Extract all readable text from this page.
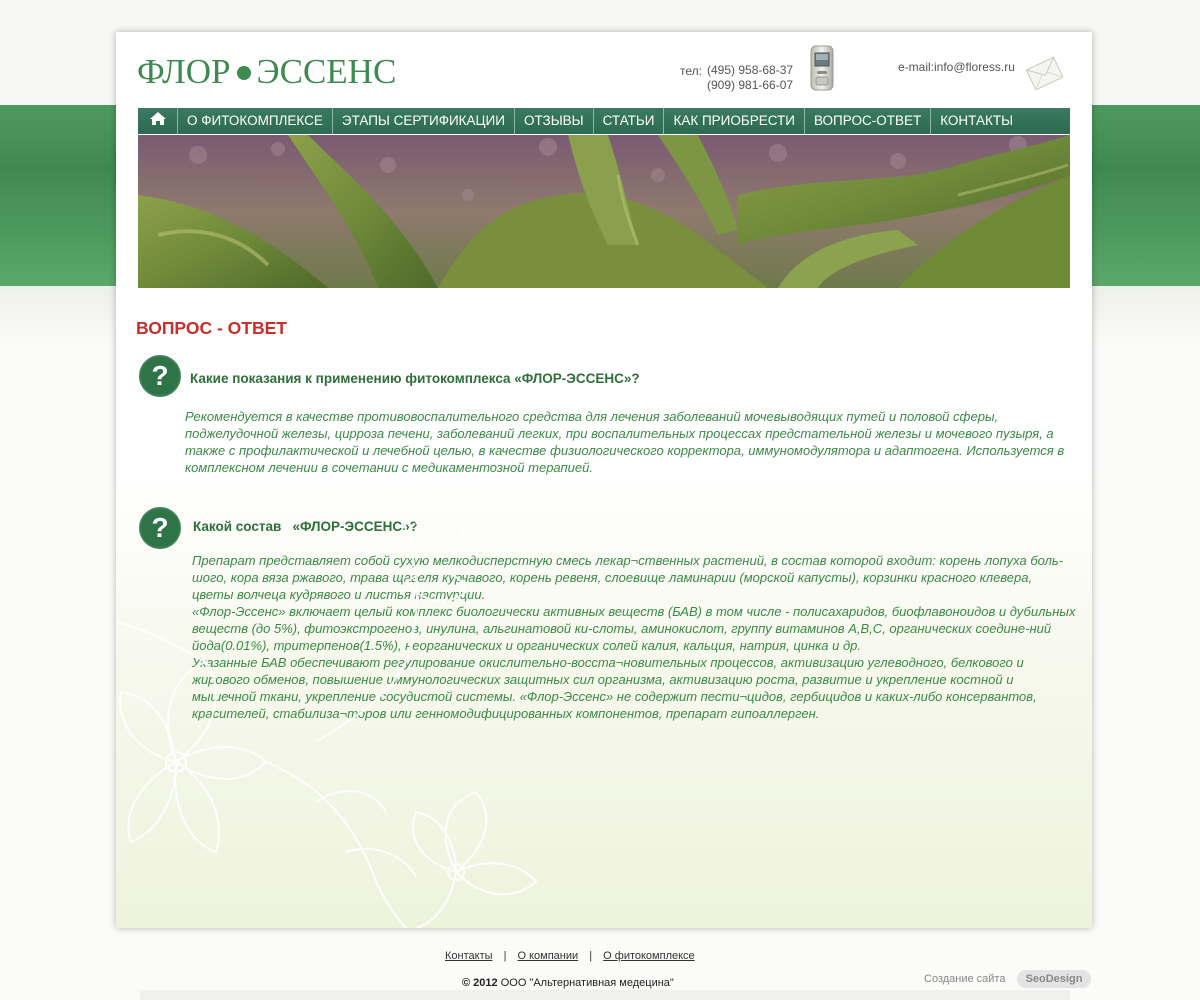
ФЛОР ЭССЕНС	тел: (495) 958-68-37
(909) 981-66-07
e-mail:info@floress.ru
О ФИТОКОМПЛЕКСЕ	ЭТАПЫ СЕРТИФИКАЦИИ	ОТЗЫВЫ	СТАТЬИ	КАК ПРИОБРЕСТИ	ВОПРОС-ОТВЕТ	КОНТАКТЫ
ВОПРОС - ОТВЕТ
? Какие показания к применению фитокомплекса «ФЛОР-ЭССЕНС»?

Рекомендуется в качестве противовоспалительного средства для лечения заболеваний мочевыводящих путей и половой сферы, поджелудочной железы, цирроза печени, заболеваний легких, при воспалительных процессах предстательной железы и мочевого пузыря, а также с профилактической и лечебной целью, в качестве физиологического корректора, иммуномодулятора и адаптогена. Используется в комплексном лечении в сочетании с медикаментозной терапией.

? Какой состав   «ФЛОР-ЭССЕНС»?

Препарат представляет собой сухую мелкодисперстную смесь лекар¬ственных растений, в состав которой входит: корень лопуха боль-шого, кора вяза ржавого, трава щавеля курчавого, корень ревеня, слоевище ламинарии (морской капусты), корзинки красного клевера, цветы волчеца кудрявого и листья настурции.

«Флор-Эссенс» включает целый комплекс биологически активных веществ (БАВ) в том числе - полисахаридов, биофлавоноидов и дубильных веществ (до 5%), фитоэкстрогенов, инулина, альгинатовой ки-слоты, аминокислот, группу витаминов А,В,С, органических соедине-ний йода(0.01%), тритерпенов(1.5%), неорганических и органических солей калия, кальция, натрия, цинка и др.

Указанные БАВ обеспечивают регулирование окислительно-восста¬новительных процессов, активизацию углеводного, белкового и жирового обменов, повышение иммунологических защитных сил организма, активизацию роста, развитие и укрепление костной и мышечной ткани, укрепление сосудистой системы. «Флор-Эссенс» не содержит пести¬цидов, гербицидов и каких-либо консервантов, красителей, стабилиза¬торов или генномодифицированных компонентов, препарат гипоаллерген.

Контакты | О компании | О фитокомплексе
© 2012 ООО "Альтернативная медецина"	Создание сайта	SeoDesign
